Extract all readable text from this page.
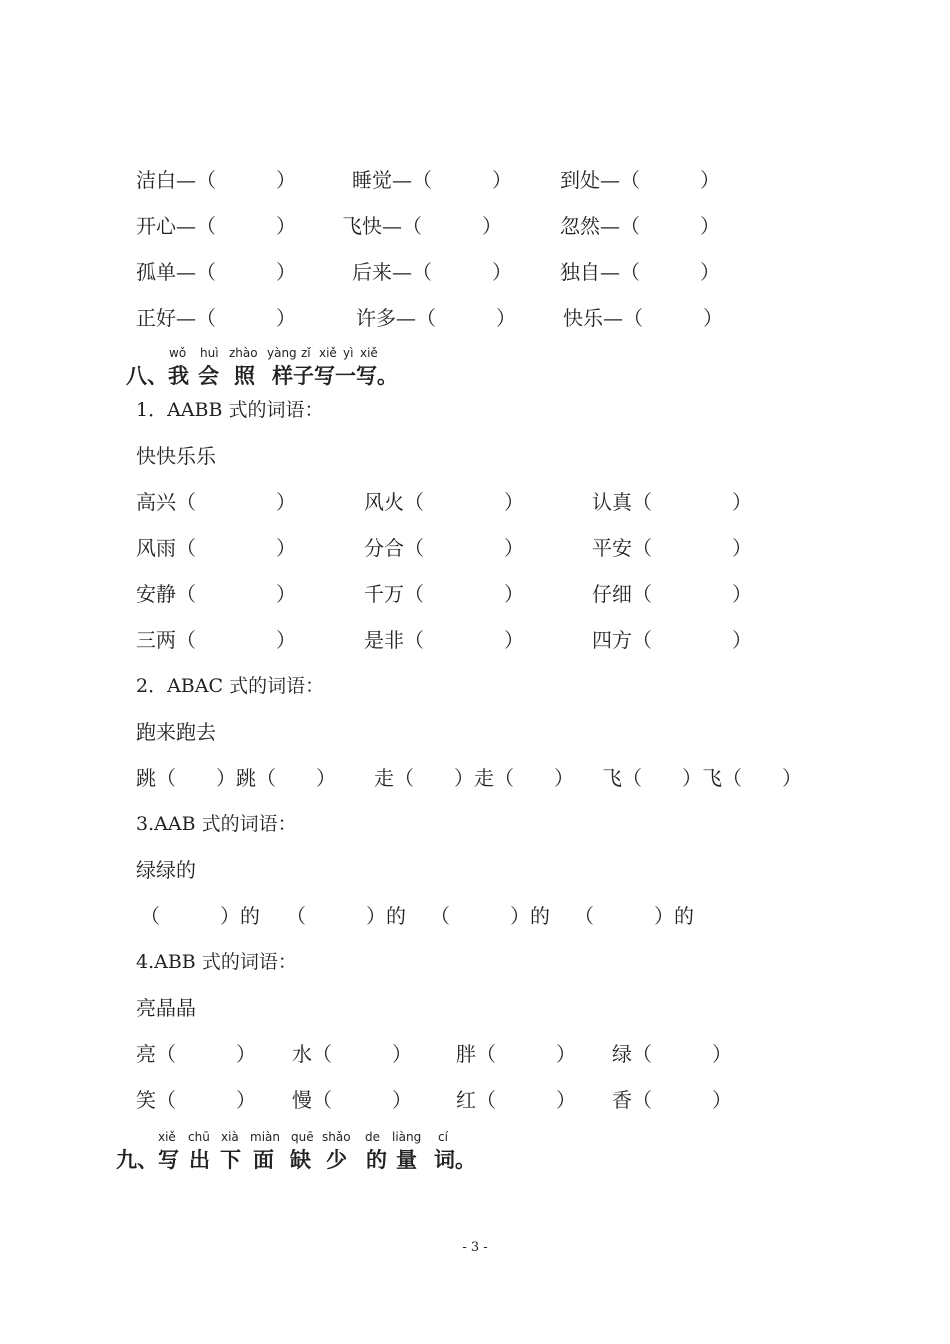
洁白—（　　　）	睡觉—（　　　） 到处—（　　　）
开心—（　　　） 飞快—（　　　）	忽然—（　　　）
孤单—（　　　）	后来—（　　　） 独自—（　　　）
正好—（　　　）	许多—（　　　） 快乐—（　　　）
wǒ huì zhào yàng zǐ xiě yì xiě
八、 我 会 照 样子写一写。
1．AABB 式的词语：
快快乐乐
高兴（　　　　）	风火（　　　　）	认真（　　　　）
风雨（　　　　）	分合（　　　　）	平安（　　　　）
安静（　　　　）	千万（　　　　）	仔细（　　　　）
三两（　　　　）	是非（　　　　）	四方（　　　　）
2．ABAC 式的词语：
跑来跑去
跳（　　）跳（　　） 走（　　）走（　　） 飞（　　）飞（　　）
3.AAB 式的词语：
绿绿的
（　　　）的 （　　　）的 （　　　）的 （　　　）的
4.ABB 式的词语：
亮晶晶
亮（　　　） 水（　　　） 胖（　　　） 绿（　　　）
笑（　　　） 慢（　　　） 红（　　　） 香（　　　）
xiě chū xià miàn quē shǎo de liàng cí
九、 写 出 下 面 缺 少 的 量 词。
- 3 -
